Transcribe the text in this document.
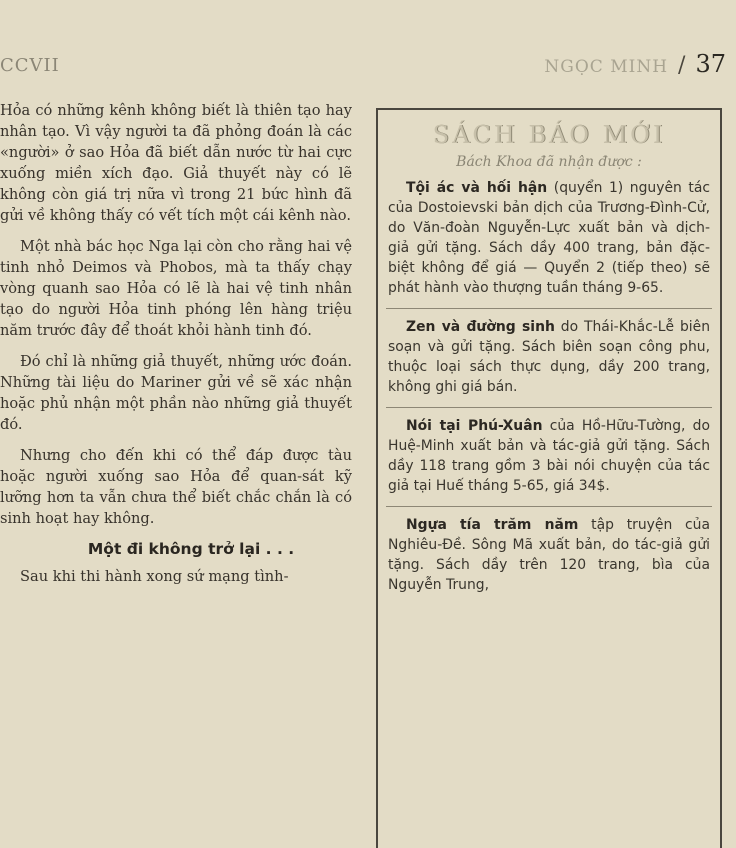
CCVII	NGỌC MINH / 37

Hỏa có những kênh không biết là thiên tạo hay nhân tạo. Vì vậy người ta đã phỏng đoán là các «người» ở sao Hỏa đã biết dẫn nước từ hai cực xuống miền xích đạo. Giả thuyết này có lẽ không còn giá trị nữa vì trong 21 bức hình đã gửi về không thấy có vết tích một cái kênh nào.

Một nhà bác học Nga lại còn cho rằng hai vệ tinh nhỏ Deimos và Phobos, mà ta thấy chạy vòng quanh sao Hỏa có lẽ là hai vệ tinh nhân tạo do người Hỏa tinh phóng lên hàng triệu năm trước đây để thoát khỏi hành tinh đó.

Đó chỉ là những giả thuyết, những ước đoán. Những tài liệu do Mariner gửi về sẽ xác nhận hoặc phủ nhận một phần nào những giả thuyết đó.

Nhưng cho đến khi có thể đáp được tàu hoặc người xuống sao Hỏa để quan-sát kỹ lưỡng hơn ta vẫn chưa thể biết chắc chắn là có sinh hoạt hay không.

Một đi không trở lại . . .

Sau khi thi hành xong sứ mạng tình-

SÁCH BÁO MỚI
Bách Khoa đã nhận được :

Tội ác và hối hận (quyển 1) nguyên tác của Dostoievski bản dịch của Trương-Đình-Cử, do Văn-đoàn Nguyễn-Lực xuất bản và dịch-giả gửi tặng. Sách dầy 400 trang, bản đặc-biệt không để giá — Quyển 2 (tiếp theo) sẽ phát hành vào thượng tuần tháng 9-65.

Zen và đường sinh do Thái-Khắc-Lễ biên soạn và gửi tặng. Sách biên soạn công phu, thuộc loại sách thực dụng, dầy 200 trang, không ghi giá bán.

Nói tại Phú-Xuân của Hồ-Hữu-Tường, do Huệ-Minh xuất bản và tác-giả gửi tặng. Sách dầy 118 trang gồm 3 bài nói chuyện của tác giả tại Huế tháng 5-65, giá 34$.

Ngựa tía trăm năm tập truyện của Nghiêu-Đề. Sông Mã xuất bản, do tác-giả gửi tặng. Sách dầy trên 120 trang, bìa của Nguyễn Trung,
